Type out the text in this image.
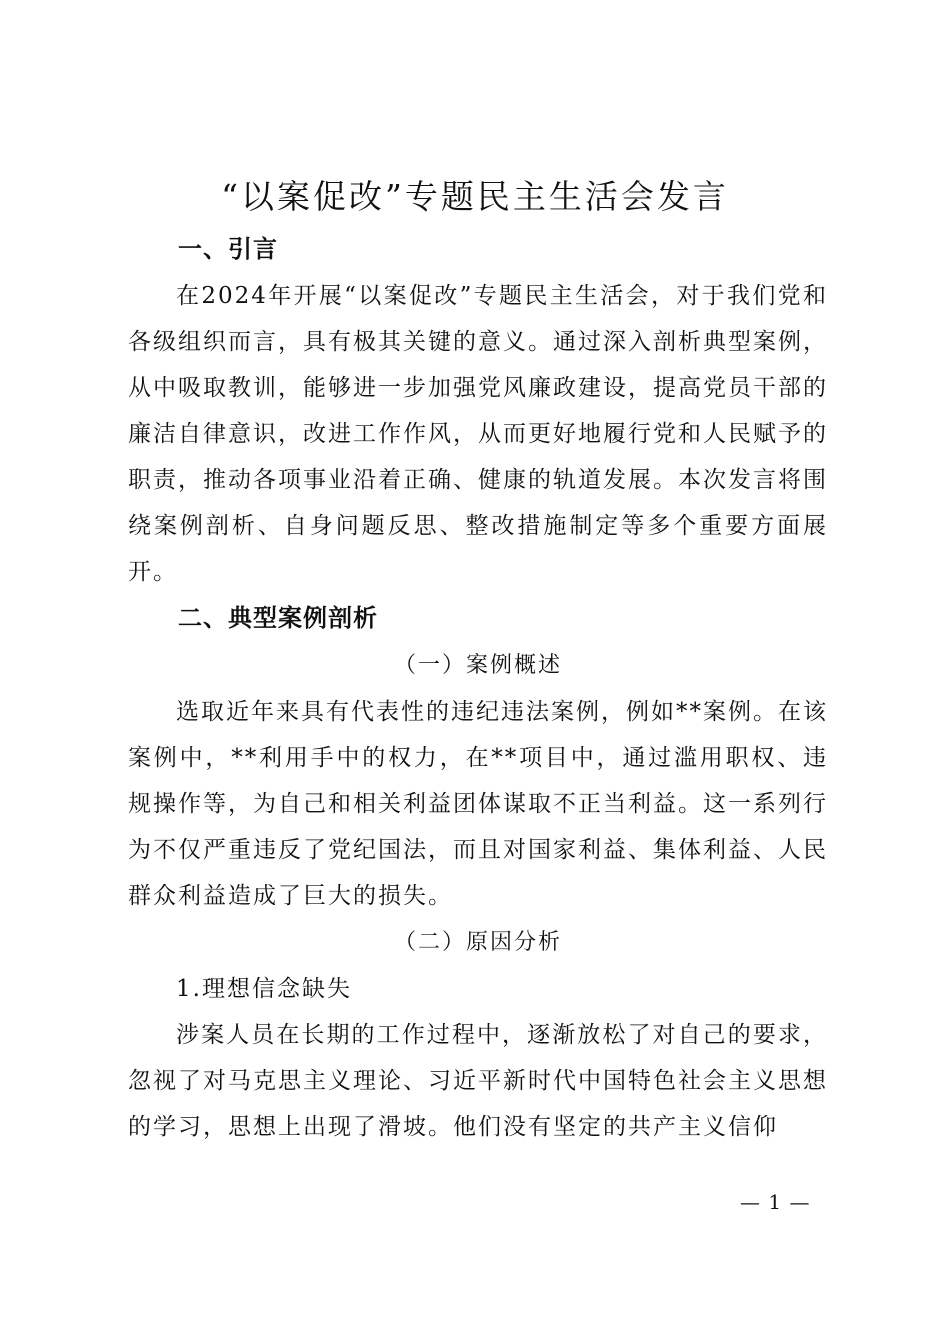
“以案促改”专题民主生活会发言

一、引言

在2024年开展“以案促改”专题民主生活会，对于我们党和各级组织而言，具有极其关键的意义。通过深入剖析典型案例，从中吸取教训，能够进一步加强党风廉政建设，提高党员干部的廉洁自律意识，改进工作作风，从而更好地履行党和人民赋予的职责，推动各项事业沿着正确、健康的轨道发展。本次发言将围绕案例剖析、自身问题反思、整改措施制定等多个重要方面展开。

二、典型案例剖析

（一）案例概述

选取近年来具有代表性的违纪违法案例，例如**案例。在该案例中，**利用手中的权力，在**项目中，通过滥用职权、违规操作等，为自己和相关利益团体谋取不正当利益。这一系列行为不仅严重违反了党纪国法，而且对国家利益、集体利益、人民群众利益造成了巨大的损失。

（二）原因分析

1.理想信念缺失

涉案人员在长期的工作过程中，逐渐放松了对自己的要求，忽视了对马克思主义理论、习近平新时代中国特色社会主义思想的学习，思想上出现了滑坡。他们没有坚定的共产主义信仰

— 1 —
